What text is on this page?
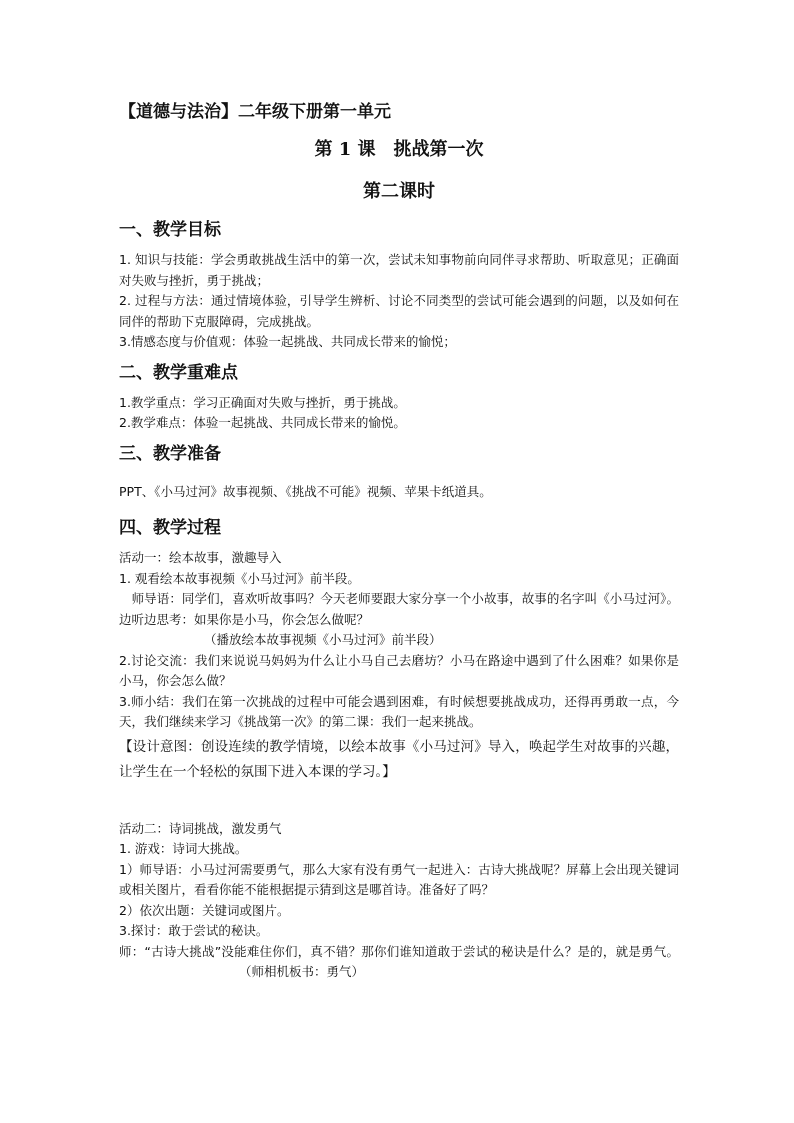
【道德与法治】二年级下册第一单元
第 1 课　挑战第一次
第二课时
一、教学目标

1. 知识与技能：学会勇敢挑战生活中的第一次，尝试未知事物前向同伴寻求帮助、听取意见；正确面对失败与挫折，勇于挑战；

2. 过程与方法：通过情境体验，引导学生辨析、讨论不同类型的尝试可能会遇到的问题，以及如何在同伴的帮助下克服障碍，完成挑战。

3.情感态度与价值观：体验一起挑战、共同成长带来的愉悦；

二、教学重难点

1.教学重点：学习正确面对失败与挫折，勇于挑战。

2.教学难点：体验一起挑战、共同成长带来的愉悦。

三、教学准备

PPT、《小马过河》故事视频、《挑战不可能》视频、苹果卡纸道具。

四、教学过程

活动一：绘本故事，激趣导入

1. 观看绘本故事视频《小马过河》前半段。

　师导语：同学们，喜欢听故事吗？今天老师要跟大家分享一个小故事，故事的名字叫《小马过河》。边听边思考：如果你是小马，你会怎么做呢？

（播放绘本故事视频《小马过河》前半段）

2.讨论交流：我们来说说马妈妈为什么让小马自己去磨坊？小马在路途中遇到了什么困难？如果你是小马，你会怎么做？

3.师小结：我们在第一次挑战的过程中可能会遇到困难，有时候想要挑战成功，还得再勇敢一点，今天，我们继续来学习《挑战第一次》的第二课：我们一起来挑战。

【设计意图：创设连续的教学情境，以绘本故事《小马过河》导入，唤起学生对故事的兴趣，让学生在一个轻松的氛围下进入本课的学习。】

活动二：诗词挑战，激发勇气

1. 游戏：诗词大挑战。

1）师导语：小马过河需要勇气，那么大家有没有勇气一起进入：古诗大挑战呢？屏幕上会出现关键词或相关图片，看看你能不能根据提示猜到这是哪首诗。准备好了吗？

2）依次出题：关键词或图片。

3.探讨：敢于尝试的秘诀。

师：“古诗大挑战”没能难住你们，真不错？那你们谁知道敢于尝试的秘诀是什么？是的，就是勇气。（师相机板书：勇气）
